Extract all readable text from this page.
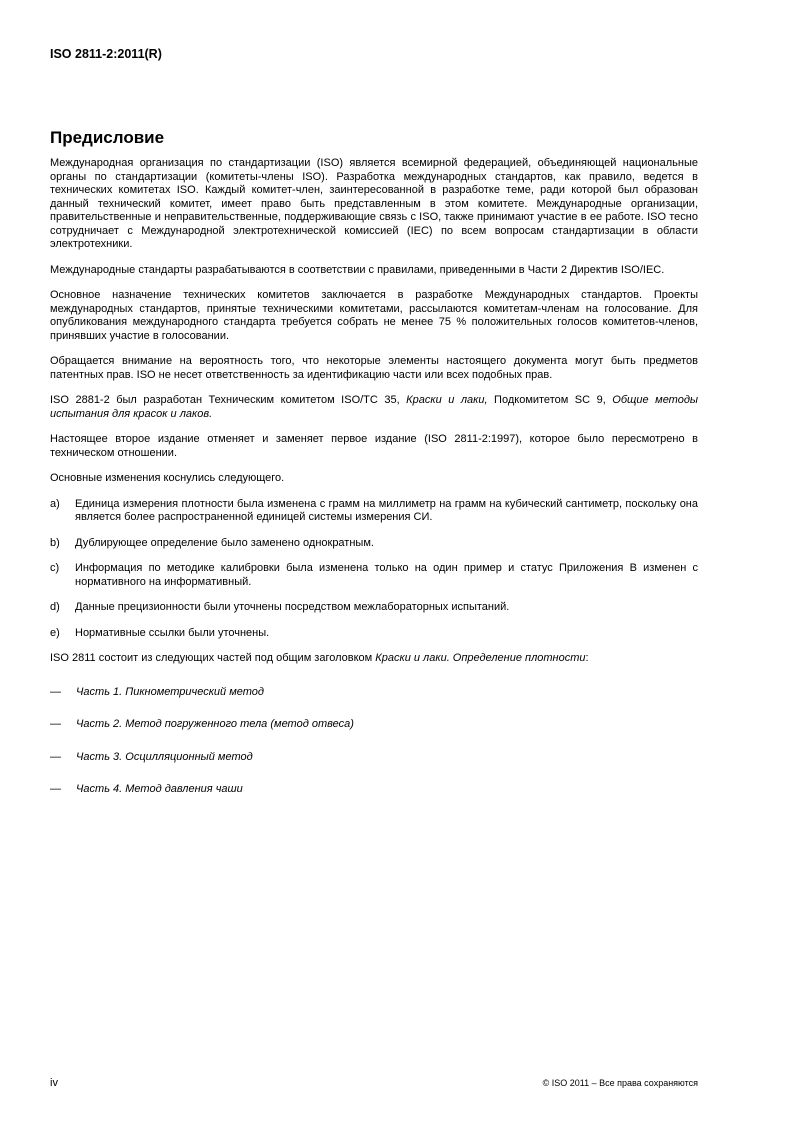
ISO 2811-2:2011(R)
Предисловие

Международная организация по стандартизации (ISO) является всемирной федерацией, объединяющей национальные органы по стандартизации (комитеты-члены ISO). Разработка международных стандартов, как правило, ведется в технических комитетах ISO. Каждый комитет-член, заинтересованной в разработке теме, ради которой был образован данный технический комитет, имеет право быть представленным в этом комитете. Международные организации, правительственные и неправительственные, поддерживающие связь с ISO, также принимают участие в ее работе. ISO тесно сотрудничает с Международной электротехнической комиссией (IEC) по всем вопросам стандартизации в области электротехники.

Международные стандарты разрабатываются в соответствии с правилами, приведенными в Части 2 Директив ISO/IEC.

Основное назначение технических комитетов заключается в разработке Международных стандартов. Проекты международных стандартов, принятые техническими комитетами, рассылаются комитетам-членам на голосование. Для опубликования международного стандарта требуется собрать не менее 75 % положительных голосов комитетов-членов, принявших участие в голосовании.

Обращается внимание на вероятность того, что некоторые элементы настоящего документа могут быть предметов патентных прав. ISO не несет ответственность за идентификацию части или всех подобных прав.

ISO 2881-2 был разработан Техническим комитетом ISO/TC 35, Краски и лаки, Подкомитетом SC 9, Общие методы испытания для красок и лаков.

Настоящее второе издание отменяет и заменяет первое издание (ISO 2811-2:1997), которое было пересмотрено в техническом отношении.

Основные изменения коснулись следующего.

a)	Единица измерения плотности была изменена с грамм на миллиметр на грамм на кубический сантиметр, поскольку она является более распространенной единицей системы измерения СИ.
b)	Дублирующее определение было заменено однократным.
c)	Информация по методике калибровки была изменена только на один пример и статус Приложения В изменен с нормативного на информативный.
d)	Данные прецизионности были уточнены посредством межлабораторных испытаний.
e)	Нормативные ссылки были уточнены.

ISO 2811 состоит из следующих частей под общим заголовком Краски и лаки. Определение плотности:

—	Часть 1. Пикнометрический метод
—	Часть 2. Метод погруженного тела (метод отвеса)
—	Часть 3. Осцилляционный метод
—	Часть 4. Метод давления чаши
iv	© ISO 2011 – Все права сохраняются
